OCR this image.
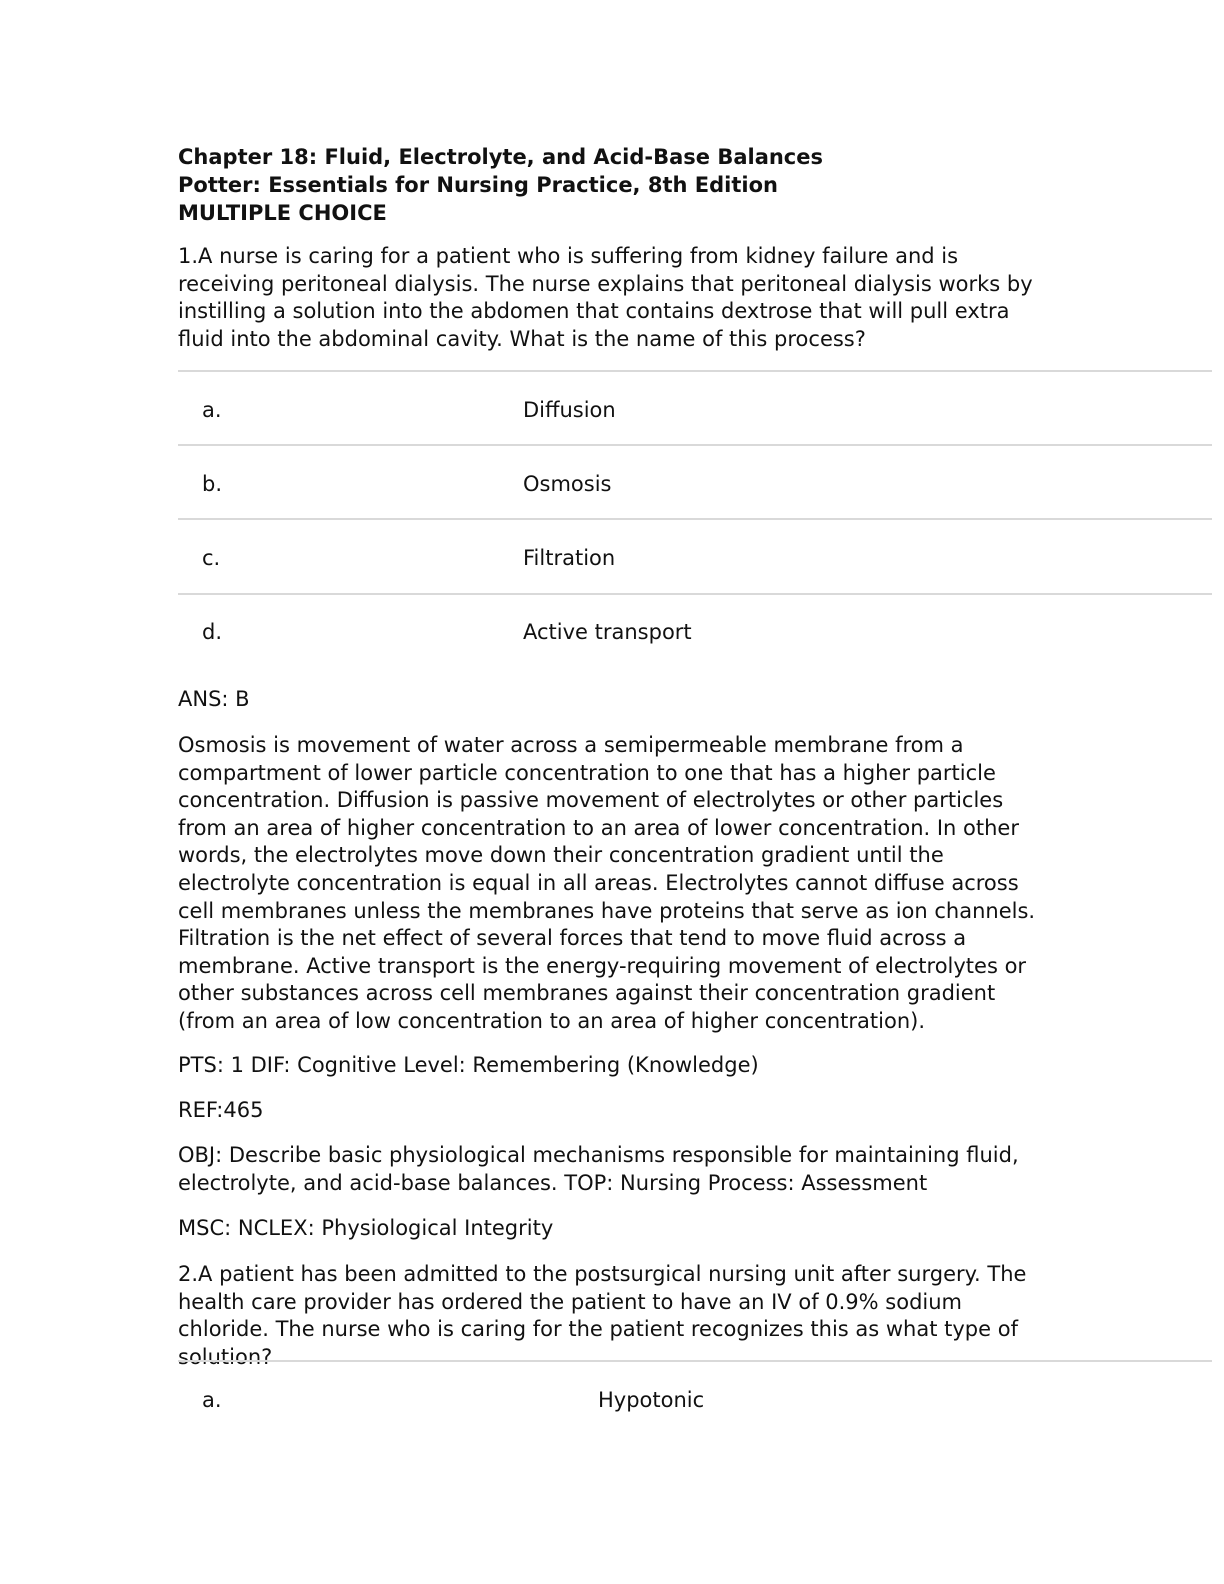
Chapter 18: Fluid, Electrolyte, and Acid-Base Balances
Potter: Essentials for Nursing Practice, 8th Edition
MULTIPLE CHOICE
1.A nurse is caring for a patient who is suffering from kidney failure and is receiving peritoneal dialysis. The nurse explains that peritoneal dialysis works by instilling a solution into the abdomen that contains dextrose that will pull extra fluid into the abdominal cavity. What is the name of this process?
a.	Diffusion
b.	Osmosis
c.	Filtration
d.	Active transport
ANS: B
Osmosis is movement of water across a semipermeable membrane from a compartment of lower particle concentration to one that has a higher particle concentration. Diffusion is passive movement of electrolytes or other particles from an area of higher concentration to an area of lower concentration. In other words, the electrolytes move down their concentration gradient until the electrolyte concentration is equal in all areas. Electrolytes cannot diffuse across cell membranes unless the membranes have proteins that serve as ion channels. Filtration is the net effect of several forces that tend to move fluid across a membrane. Active transport is the energy-requiring movement of electrolytes or other substances across cell membranes against their concentration gradient (from an area of low concentration to an area of higher concentration).
PTS: 1 DIF: Cognitive Level: Remembering (Knowledge)
REF:465
OBJ: Describe basic physiological mechanisms responsible for maintaining fluid, electrolyte, and acid-base balances. TOP: Nursing Process: Assessment
MSC: NCLEX: Physiological Integrity
2.A patient has been admitted to the postsurgical nursing unit after surgery. The health care provider has ordered the patient to have an IV of 0.9% sodium chloride. The nurse who is caring for the patient recognizes this as what type of solution?
a.	Hypotonic
